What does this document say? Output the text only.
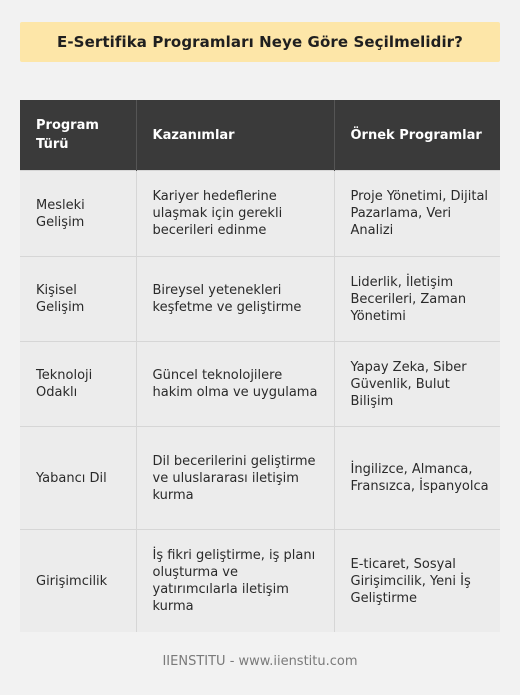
E-Sertifika Programları Neye Göre Seçilmelidir?
Program Türü	Kazanımlar	Örnek Programlar
Mesleki Gelişim	Kariyer hedeflerine ulaşmak için gerekli becerileri edinme	Proje Yönetimi, Dijital Pazarlama, Veri Analizi
Kişisel Gelişim	Bireysel yetenekleri keşfetme ve geliştirme	Liderlik, İletişim Becerileri, Zaman Yönetimi
Teknoloji Odaklı	Güncel teknolojilere hakim olma ve uygulama	Yapay Zeka, Siber Güvenlik, Bulut Bilişim
Yabancı Dil	Dil becerilerini geliştirme ve uluslararası iletişim kurma	İngilizce, Almanca, Fransızca, İspanyolca
Girişimcilik	İş fikri geliştirme, iş planı oluşturma ve yatırımcılarla iletişim kurma	E-ticaret, Sosyal Girişimcilik, Yeni İş Geliştirme
IIENSTITU - www.iienstitu.com
